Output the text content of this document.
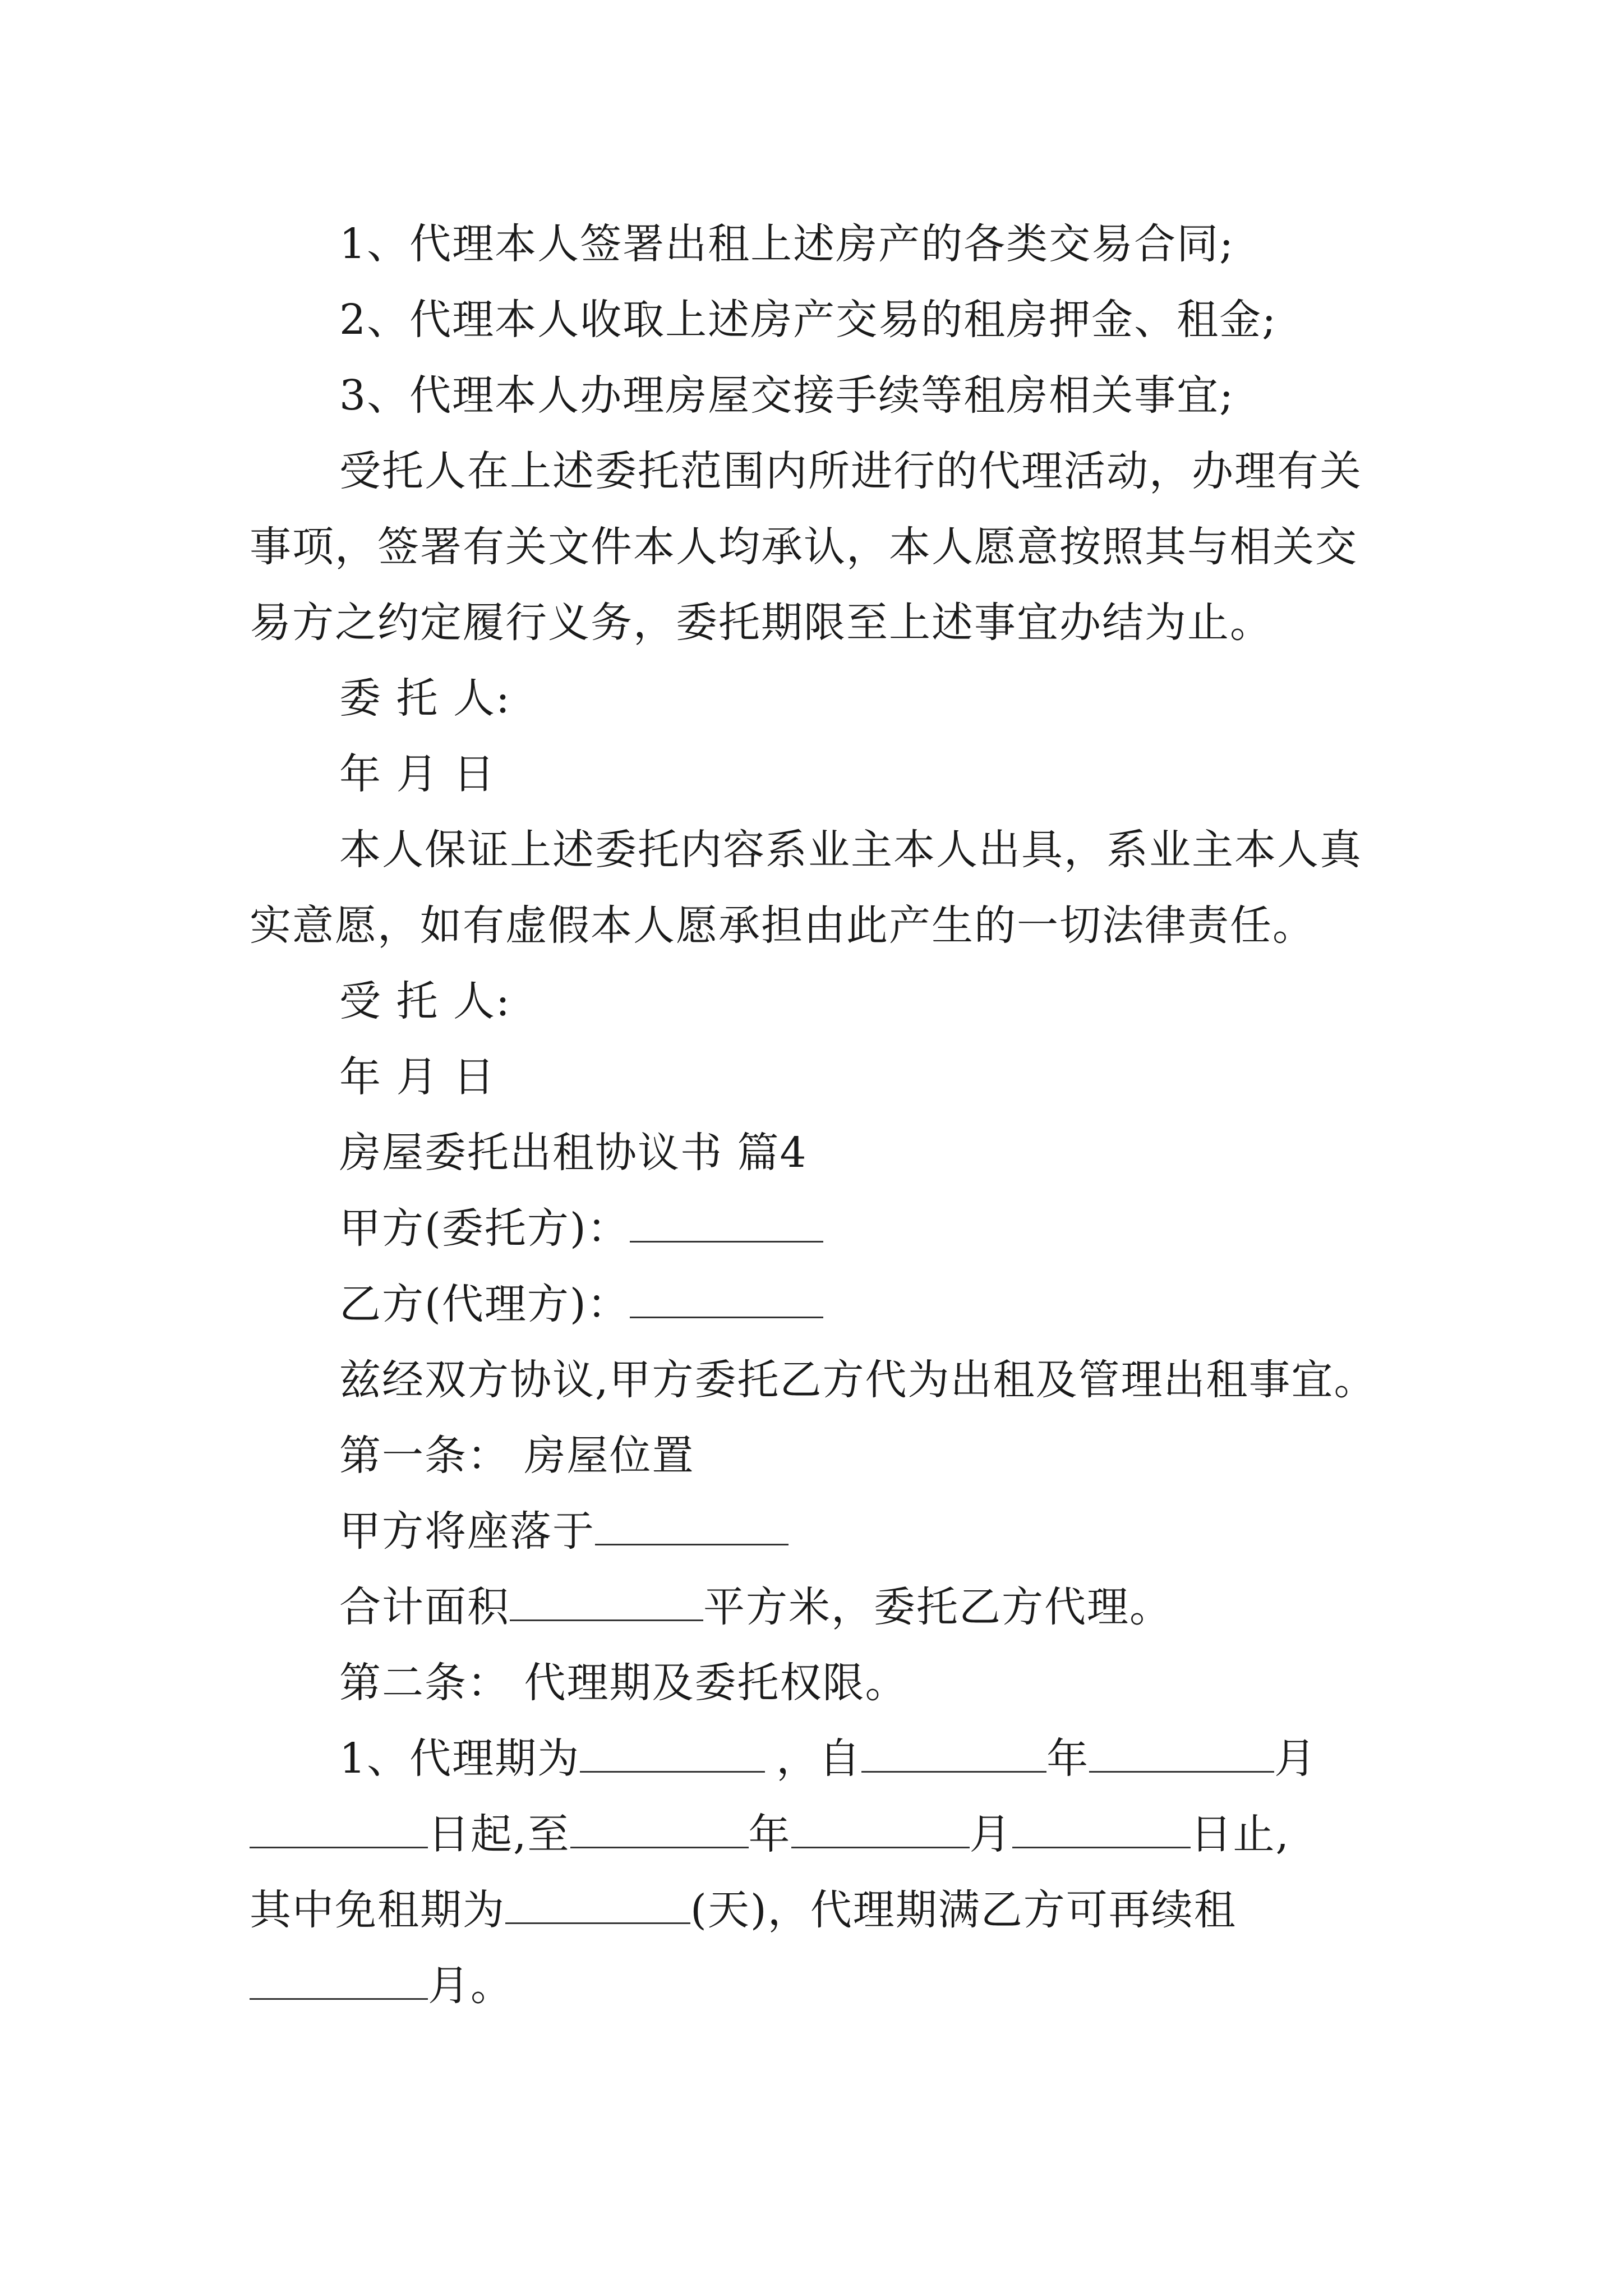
1、代理本人签署出租上述房产的各类交易合同;
2、代理本人收取上述房产交易的租房押金、租金;
3、代理本人办理房屋交接手续等租房相关事宜;
受托人在上述委托范围内所进行的代理活动，办理有关
事项，签署有关文件本人均承认，本人愿意按照其与相关交
易方之约定履行义务，委托期限至上述事宜办结为止。
委 托 人:
年 月 日
本人保证上述委托内容系业主本人出具，系业主本人真
实意愿，如有虚假本人愿承担由此产生的一切法律责任。
受 托 人:
年 月 日
房屋委托出租协议书 篇4
甲方(委托方)：
乙方(代理方)：
兹经双方协议,甲方委托乙方代为出租及管理出租事宜。
第一条： 房屋位置
甲方将座落于
合计面积	平方米，委托乙方代理。
第二条： 代理期及委托权限。
1、代理期为	，自	年	月
日起,至	年	月	日止,
其中免租期为	(天)，代理期满乙方可再续租
月。
